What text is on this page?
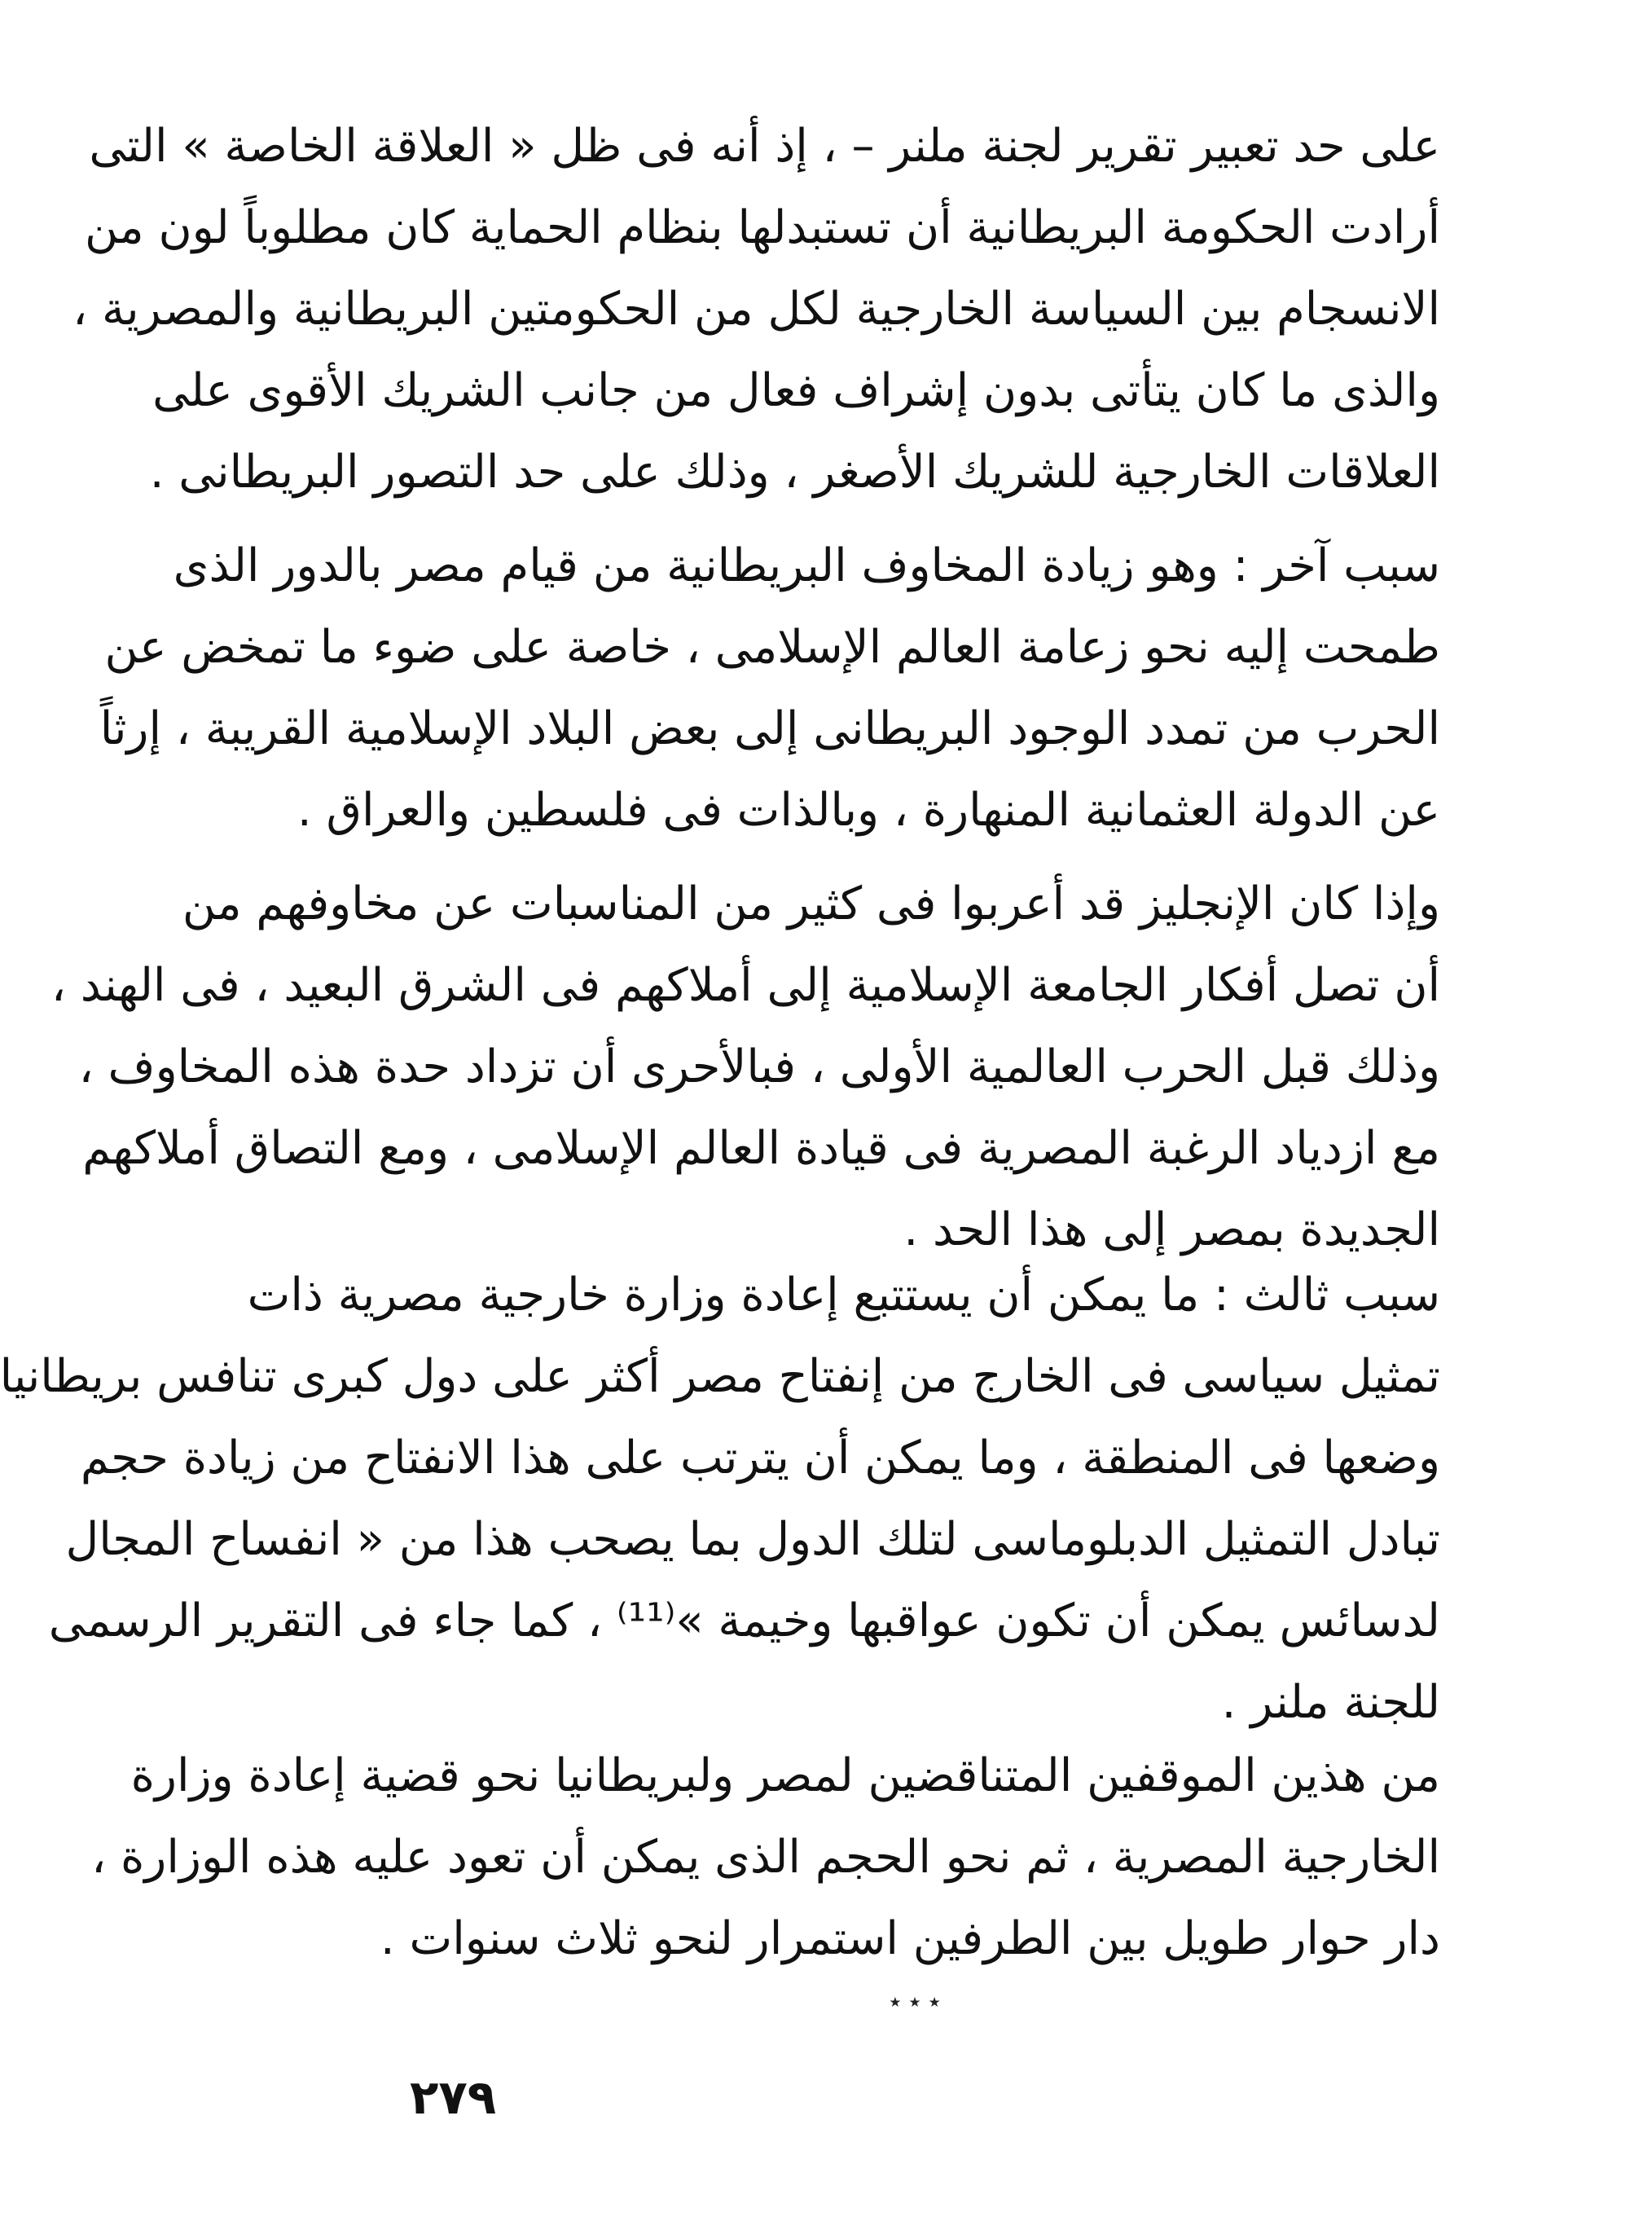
على حد تعبير تقرير لجنة ملنر – ، إذ أنه فى ظل « العلاقة الخاصة » التى
أرادت الحكومة البريطانية أن تستبدلها بنظام الحماية كان مطلوباً لون من
الانسجام بين السياسة الخارجية لكل من الحكومتين البريطانية والمصرية ،
والذى ما كان يتأتى بدون إشراف فعال من جانب الشريك الأقوى على
العلاقات الخارجية للشريك الأصغر ، وذلك على حد التصور البريطانى .
سبب آخر : وهو زيادة المخاوف البريطانية من قيام مصر بالدور الذى
طمحت إليه نحو زعامة العالم الإسلامى ، خاصة على ضوء ما تمخض عن
الحرب من تمدد الوجود البريطانى إلى بعض البلاد الإسلامية القريبة ، إرثاً
عن الدولة العثمانية المنهارة ، وبالذات فى فلسطين والعراق .
وإذا كان الإنجليز قد أعربوا فى كثير من المناسبات عن مخاوفهم من
أن تصل أفكار الجامعة الإسلامية إلى أملاكهم فى الشرق البعيد ، فى الهند ،
وذلك قبل الحرب العالمية الأولى ، فبالأحرى أن تزداد حدة هذه المخاوف ،
مع ازدياد الرغبة المصرية فى قيادة العالم الإسلامى ، ومع التصاق أملاكهم
الجديدة بمصر إلى هذا الحد .
سبب ثالث : ما يمكن أن يستتبع إعادة وزارة خارجية مصرية ذات
تمثيل سياسى فى الخارج من إنفتاح مصر أكثر على دول كبرى تنافس بريطانيا
وضعها فى المنطقة ، وما يمكن أن يترتب على هذا الانفتاح من زيادة حجم
تبادل التمثيل الدبلوماسى لتلك الدول بما يصحب هذا من « انفساح المجال
لدسائس يمكن أن تكون عواقبها وخيمة »⁽¹¹⁾ ، كما جاء فى التقرير الرسمى
للجنة ملنر .
من هذين الموقفين المتناقضين لمصر ولبريطانيا نحو قضية إعادة وزارة
الخارجية المصرية ، ثم نحو الحجم الذى يمكن أن تعود عليه هذه الوزارة ،
دار حوار طويل بين الطرفين استمرار لنحو ثلاث سنوات .
٭ ٭ ٭
٢٧٩
